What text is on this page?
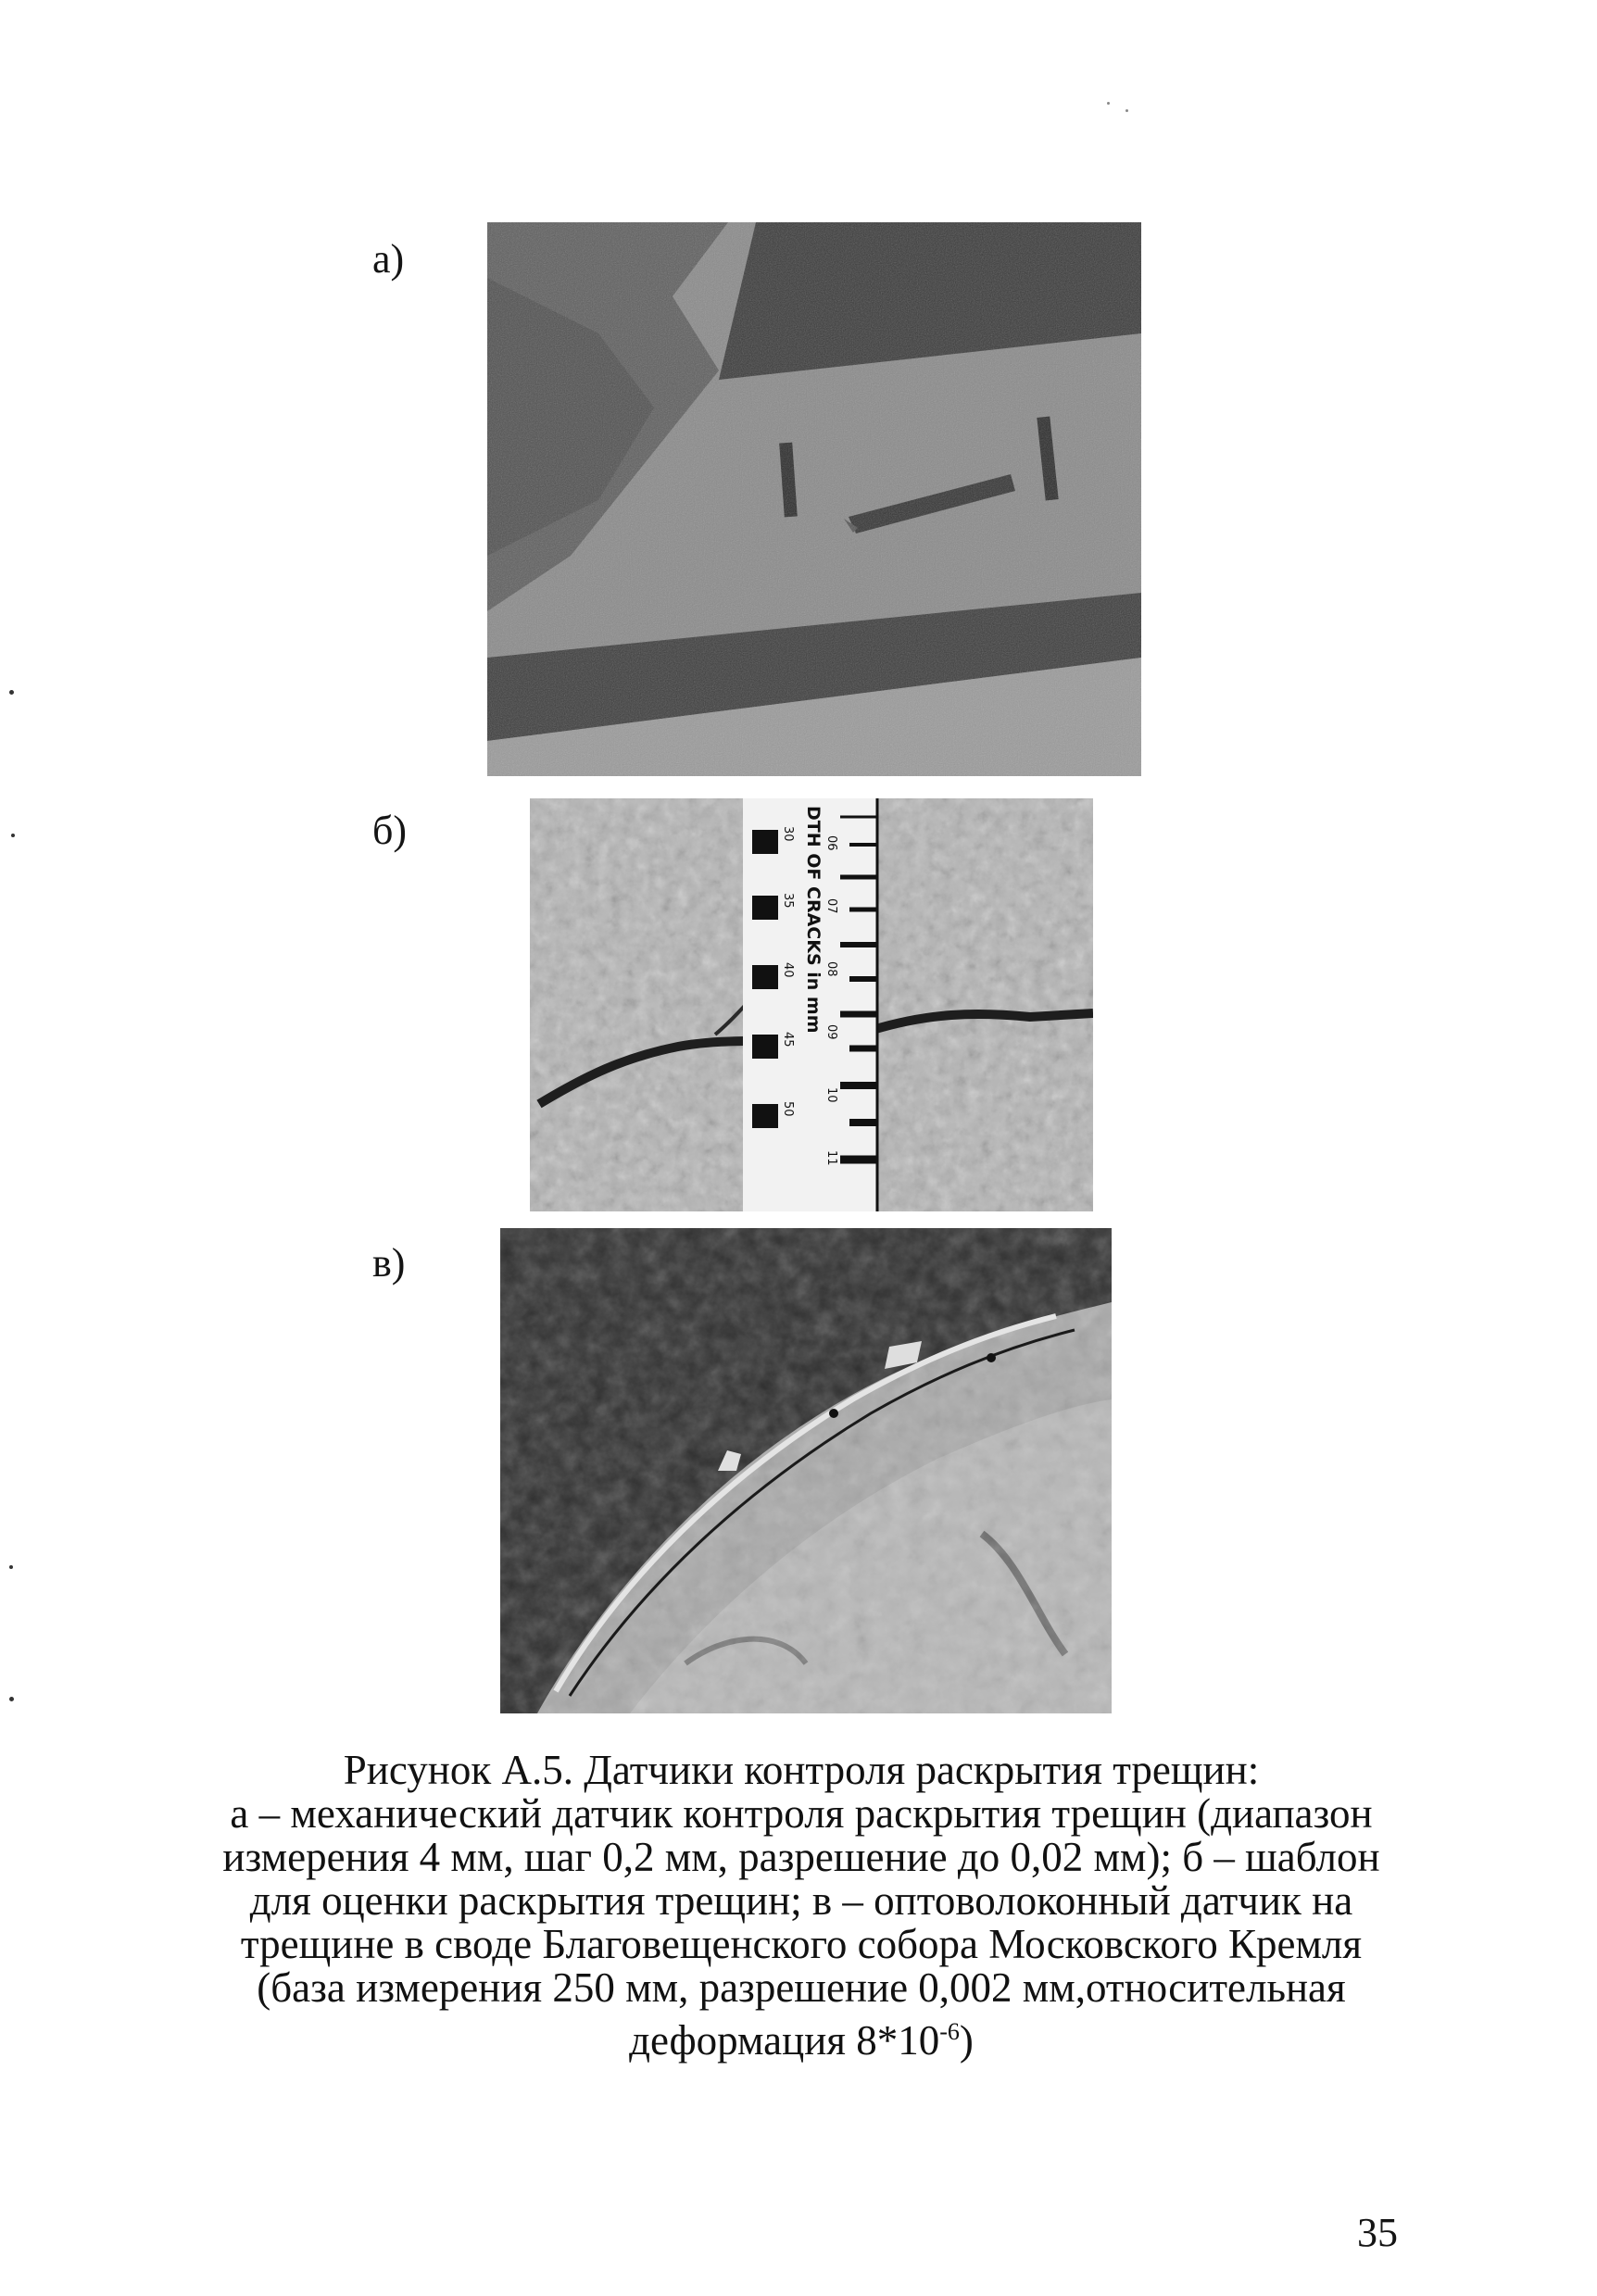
а)
б)	DTH OF CRACKS in mm
30
35
40
45
50
06
07
08
09
10
11
в)

Рисунок А.5. Датчики контроля раскрытия трещин:

а – механический датчик контроля раскрытия трещин (диапазон

измерения 4 мм, шаг 0,2 мм, разрешение до 0,02 мм); б – шаблон

для оценки раскрытия трещин; в – оптоволоконный датчик на

трещине в своде Благовещенского собора Московского Кремля

(база измерения 250 мм, разрешение 0,002 мм,относительная

деформация $8*10^{-6}$)

35
